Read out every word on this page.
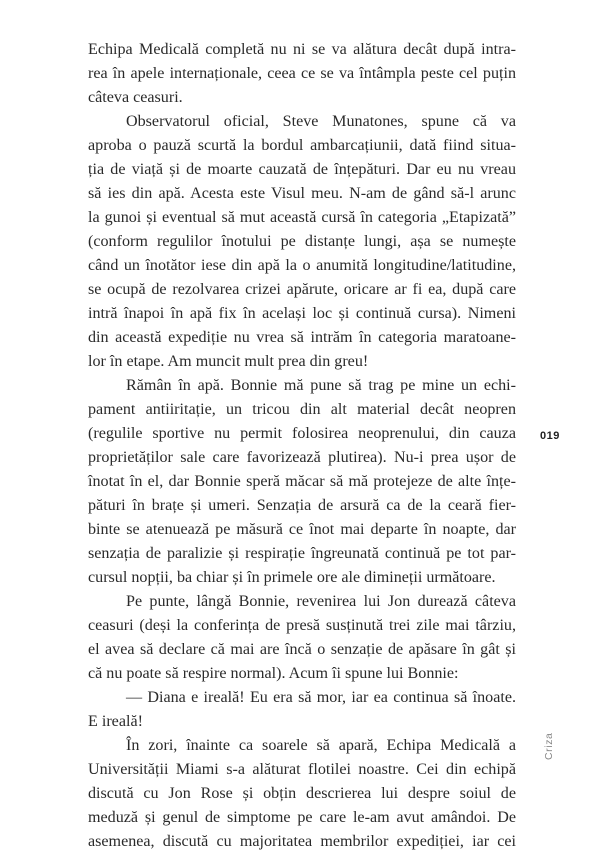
Echipa Medicală completă nu ni se va alătura decât după intra-
rea în apele internaționale, ceea ce se va întâmpla peste cel puțin
câteva ceasuri.
Observatorul oficial, Steve Munatones, spune că va
aproba o pauză scurtă la bordul ambarcațiunii, dată fiind situa-
ția de viață și de moarte cauzată de înțepături. Dar eu nu vreau
să ies din apă. Acesta este Visul meu. N-am de gând să-l arunc
la gunoi și eventual să mut această cursă în categoria „Etapizată”
(conform regulilor înotului pe distanțe lungi, așa se numește
când un înotător iese din apă la o anumită longitudine/latitudine,
se ocupă de rezolvarea crizei apărute, oricare ar fi ea, după care
intră înapoi în apă fix în același loc și continuă cursa). Nimeni
din această expediție nu vrea să intrăm în categoria maratoane-
lor în etape. Am muncit mult prea din greu!
Rămân în apă. Bonnie mă pune să trag pe mine un echi-
pament antiiritație, un tricou din alt material decât neopren
(regulile sportive nu permit folosirea neoprenului, din cauza
proprietăților sale care favorizează plutirea). Nu-i prea ușor de
înotat în el, dar Bonnie speră măcar să mă protejeze de alte înțe-
pături în brațe și umeri. Senzația de arsură ca de la ceară fier-
binte se atenuează pe măsură ce înot mai departe în noapte, dar
senzația de paralizie și respirație îngreunată continuă pe tot par-
cursul nopții, ba chiar și în primele ore ale dimineții următoare.
Pe punte, lângă Bonnie, revenirea lui Jon durează câteva
ceasuri (deși la conferința de presă susținută trei zile mai târziu,
el avea să declare că mai are încă o senzație de apăsare în gât și
că nu poate să respire normal). Acum îi spune lui Bonnie:
— Diana e ireală! Eu era să mor, iar ea continua să înoate.
E ireală!
În zori, înainte ca soarele să apară, Echipa Medicală a
Universității Miami s-a alăturat flotilei noastre. Cei din echipă
discută cu Jon Rose și obțin descrierea lui despre soiul de
meduză și genul de simptome pe care le-am avut amândoi. De
asemenea, discută cu majoritatea membrilor expediției, iar cei
019
Criza
